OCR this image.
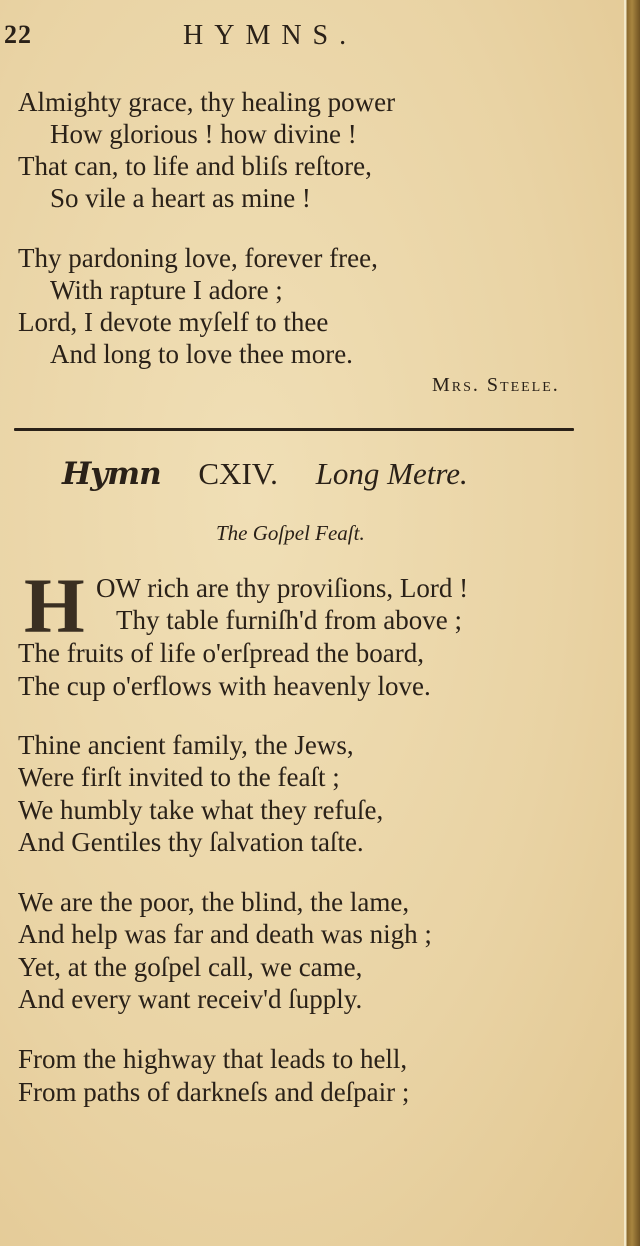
22	HYMNS.
Almighty grace, thy healing power
How glorious ! how divine !
That can, to life and bliſs reſtore,
So vile a heart as mine !
Thy pardoning love, forever free,
With rapture I adore ;
Lord, I devote myſelf to thee
And long to love thee more.
Mrs. Steele.
Hymn CXIV. Long Metre.
The Goſpel Feaſt.
H OW rich are thy proviſions, Lord !
Thy table furniſh'd from above ;
The fruits of life o'erſpread the board,
The cup o'erflows with heavenly love.
Thine ancient family, the Jews,
Were firſt invited to the feaſt ;
We humbly take what they refuſe,
And Gentiles thy ſalvation taſte.
We are the poor, the blind, the lame,
And help was far and death was nigh ;
Yet, at the goſpel call, we came,
And every want receiv'd ſupply.
From the highway that leads to hell,
From paths of darkneſs and deſpair ;
